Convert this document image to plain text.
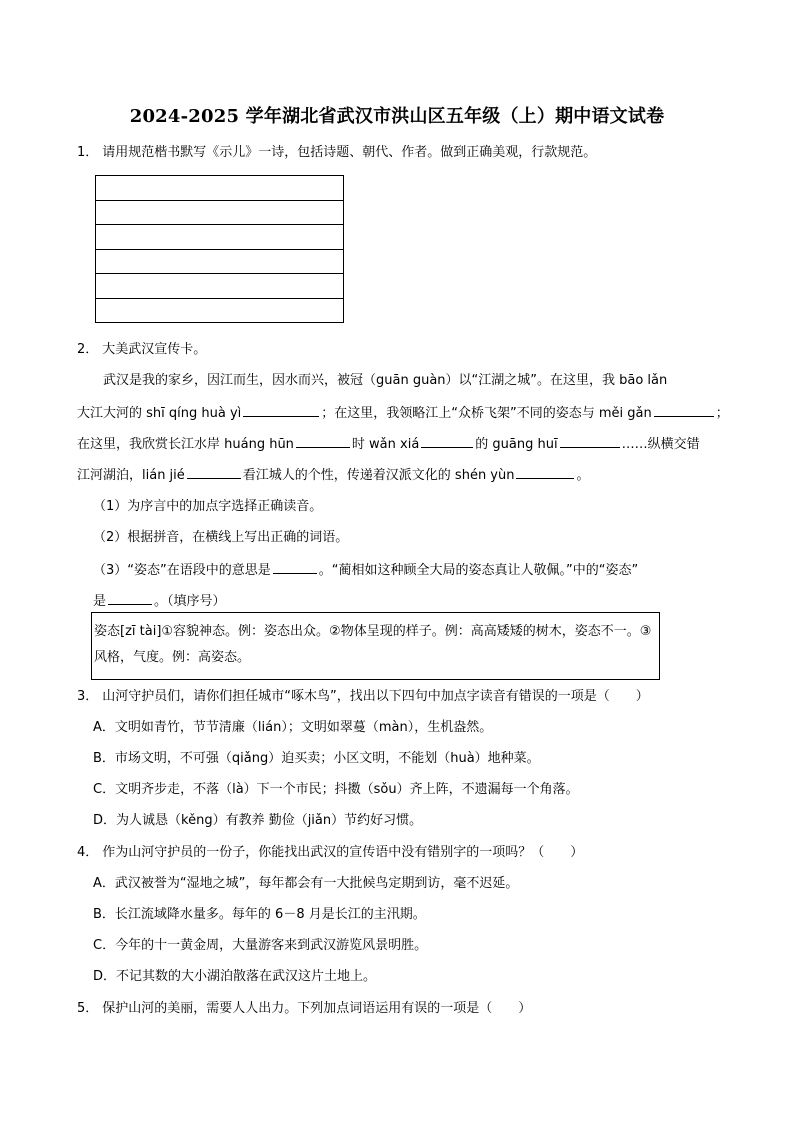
2024-2025 学年湖北省武汉市洪山区五年级（上）期中语文试卷
1． 请用规范楷书默写《示儿》一诗，包括诗题、朝代、作者。做到正确美观，行款规范。
2． 大美武汉宣传卡。
武汉是我的家乡，因江而生，因水而兴，被冠（guān guàn）以“江湖之城”。在这里，我 bāo lǎn
大江大河的 shī qíng huà yì	；在这里，我领略江上“众桥飞架”不同的姿态与 měi gǎn	；
在这里，我欣赏长江水岸 huáng hūn	时 wǎn xiá	的 guāng huī	……纵横交错
江河湖泊，lián jié	看江城人的个性，传递着汉派文化的 shén yùn	。
（1）为序言中的加点字选择正确读音。
（2）根据拼音，在横线上写出正确的词语。
（3）“姿态”在语段中的意思是	。“蔺相如这种顾全大局的姿态真让人敬佩。”中的“姿态”
是	。（填序号）
姿态[zī tài]①容貌神态。例：姿态出众。②物体呈现的样子。例：高高矮矮的树木，姿态不一。③风格，气度。例：高姿态。
3． 山河守护员们，请你们担任城市“啄木鸟”，找出以下四句中加点字读音有错误的一项是（　　）
A．文明如青竹，节节清廉（lián）；文明如翠蔓（màn），生机盎然。
B．市场文明，不可强（qiǎng）迫买卖；小区文明，不能划（huà）地种菜。
C．文明齐步走，不落（là）下一个市民；抖擞（sǒu）齐上阵，不遗漏每一个角落。
D．为人诚恳（kěng）有教养 勤俭（jiǎn）节约好习惯。
4． 作为山河守护员的一份子，你能找出武汉的宣传语中没有错别字的一项吗？（　　）
A．武汉被誉为“湿地之城”，每年都会有一大批候鸟定期到访，毫不迟延。
B．长江流域降水量多。每年的 6－8 月是长江的主汛期。
C．今年的十一黄金周，大量游客来到武汉游览风景明胜。
D．不记其数的大小湖泊散落在武汉这片土地上。
5． 保护山河的美丽，需要人人出力。下列加点词语运用有误的一项是（　　）
